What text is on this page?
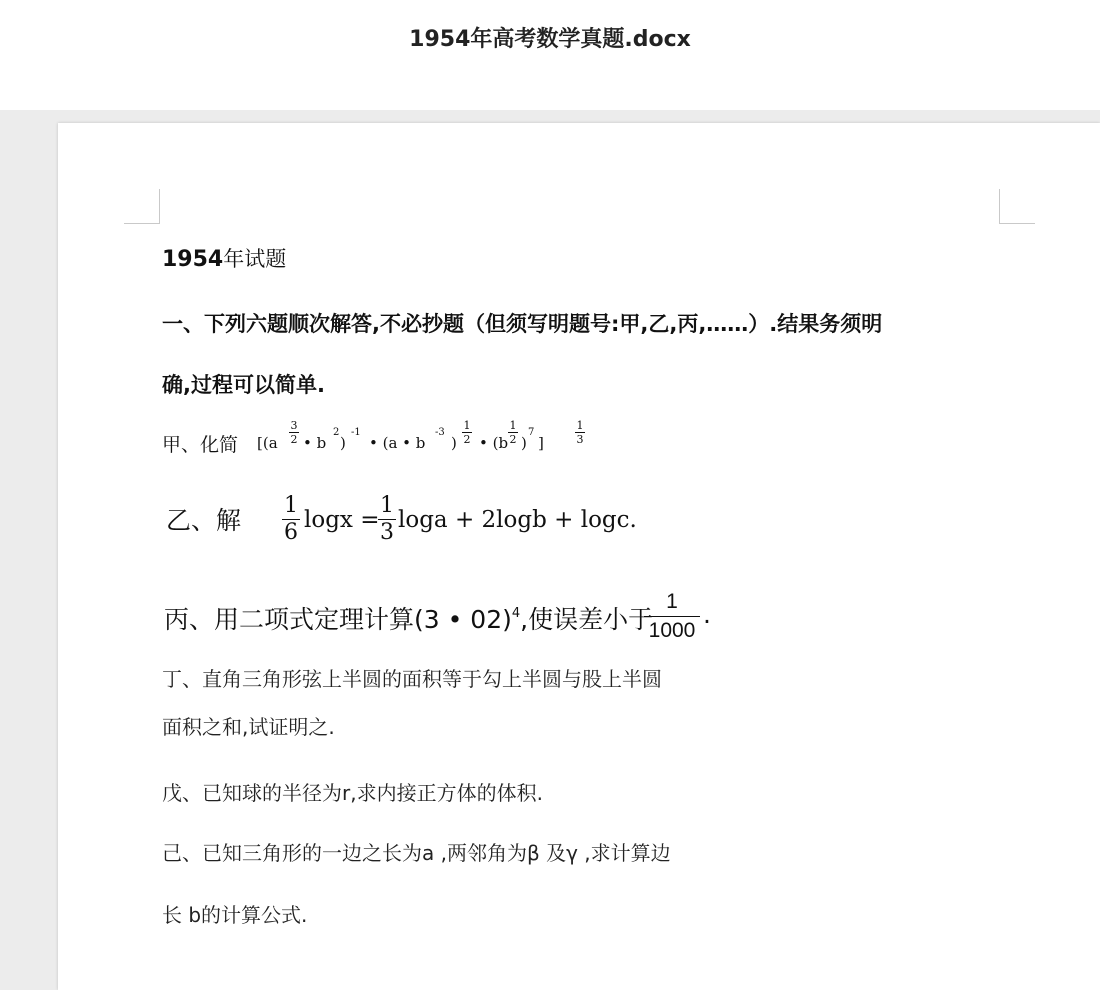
1954年高考数学真题.docx
1954年试题
一、下列六题顺次解答,不必抄题（但须写明题号:甲,乙,丙,……）.结果务须明
确,过程可以简单.
甲、化简 [(a
3
2 • b
2
)
-1
• (a • b
-3
)
1
2 • (b
1
2 )
7
]
1
3
乙、解
1
6 logx =
1
3 loga + 2logb + logc.
丙、用二项式定理计算(3 • 02)$^4$,使误差小于
1
1000
.
丁、直角三角形弦上半圆的面积等于勾上半圆与股上半圆
面积之和,试证明之.
戊、已知球的半径为r,求内接正方体的体积.
己、已知三角形的一边之长为a ,两邻角为β 及γ ,求计算边
长 b的计算公式.
